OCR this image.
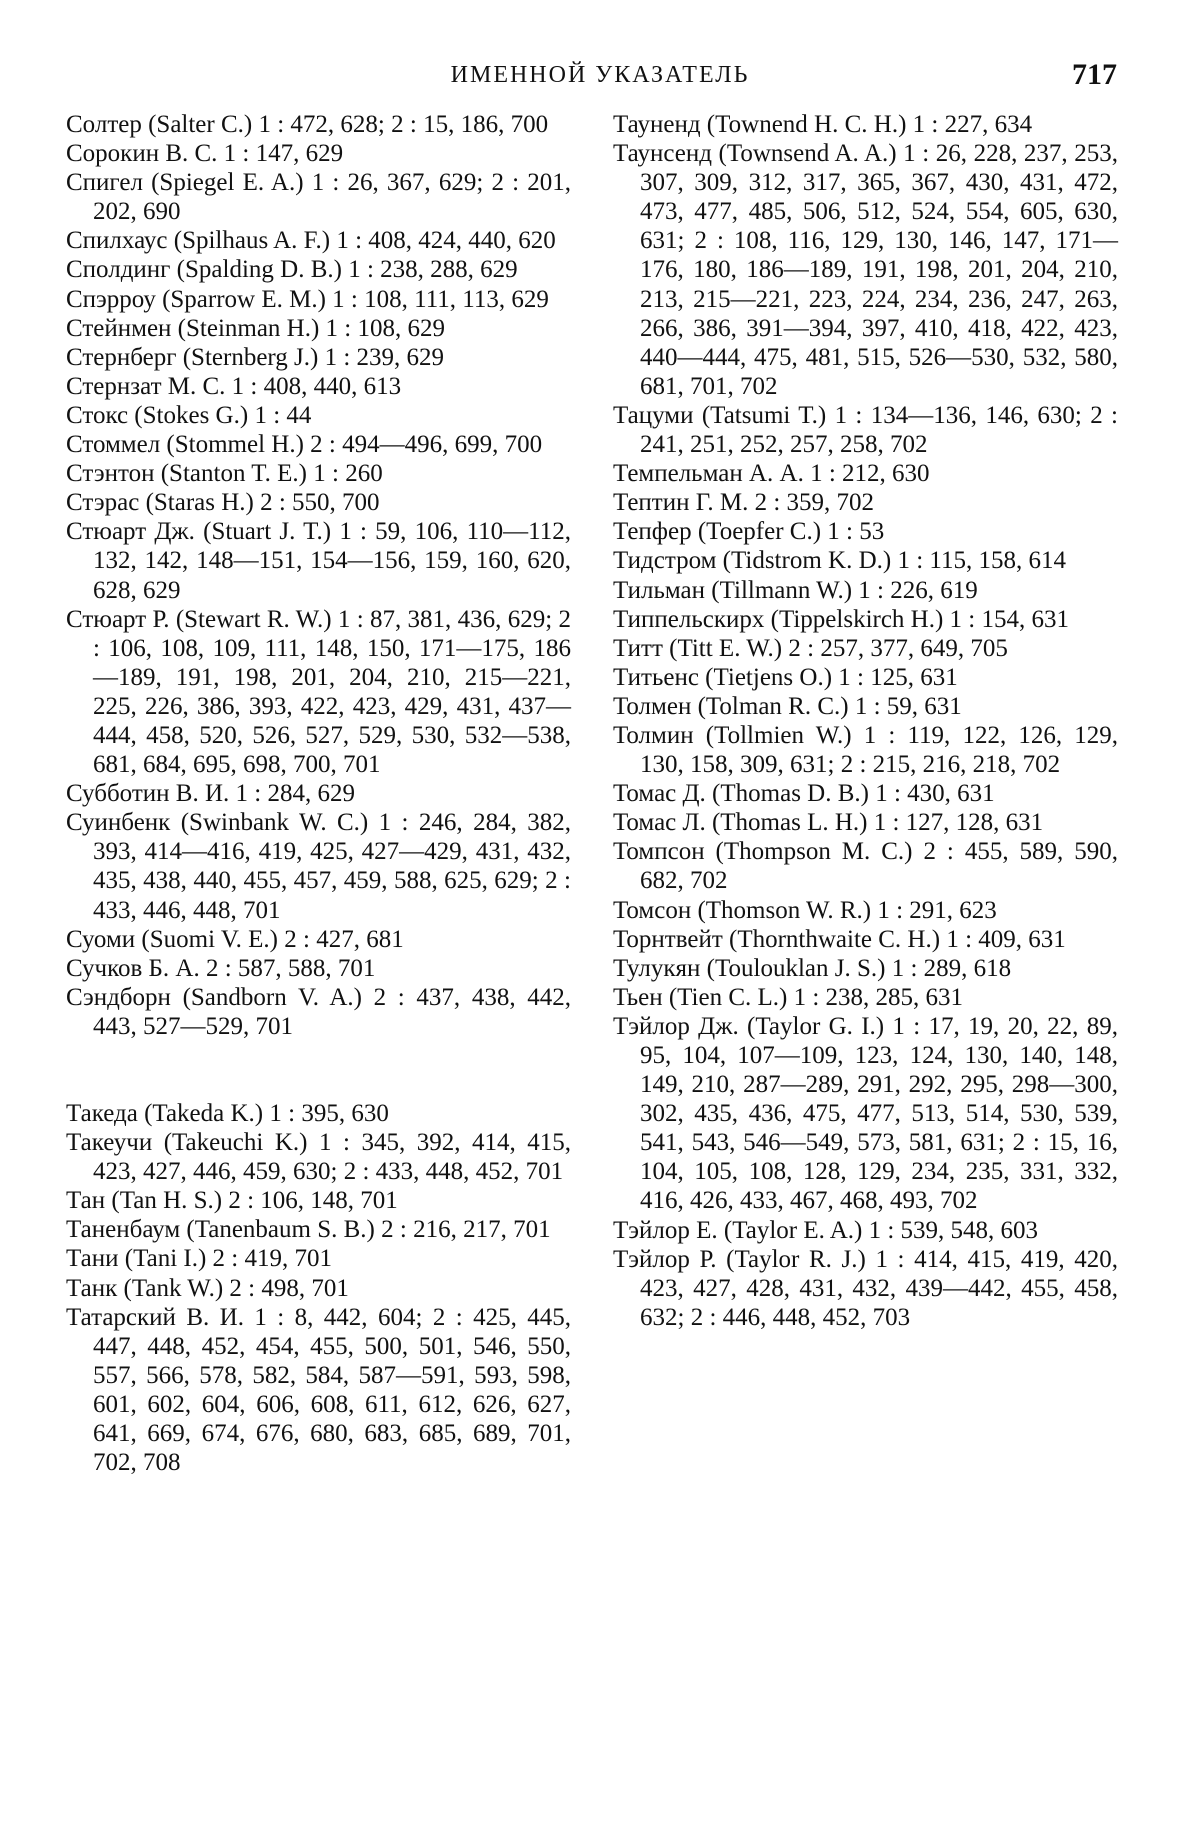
ИМЕННОЙ УКАЗАТЕЛЬ	717

Солтер (Salter C.) 1 : 472, 628; 2 : 15, 186, 700

Сорокин В. С. 1 : 147, 629

Спигел (Spiegel E. A.) 1 : 26, 367, 629; 2 : 201, 202, 690

Спилхаус (Spilhaus A. F.) 1 : 408, 424, 440, 620

Сполдинг (Spalding D. B.) 1 : 238, 288, 629

Спэрроу (Sparrow E. M.) 1 : 108, 111, 113, 629

Стейнмен (Steinman H.) 1 : 108, 629

Стернберг (Sternberg J.) 1 : 239, 629

Стернзат М. С. 1 : 408, 440, 613

Стокс (Stokes G.) 1 : 44

Стоммел (Stommel H.) 2 : 494—496, 699, 700

Стэнтон (Stanton T. E.) 1 : 260

Стэрас (Staras H.) 2 : 550, 700

Стюарт Дж. (Stuart J. T.) 1 : 59, 106, 110—112, 132, 142, 148—151, 154—156, 159, 160, 620, 628, 629

Стюарт Р. (Stewart R. W.) 1 : 87, 381, 436, 629; 2 : 106, 108, 109, 111, 148, 150, 171—175, 186—189, 191, 198, 201, 204, 210, 215—221, 225, 226, 386, 393, 422, 423, 429, 431, 437—444, 458, 520, 526, 527, 529, 530, 532—538, 681, 684, 695, 698, 700, 701

Субботин В. И. 1 : 284, 629

Суинбенк (Swinbank W. C.) 1 : 246, 284, 382, 393, 414—416, 419, 425, 427—429, 431, 432, 435, 438, 440, 455, 457, 459, 588, 625, 629; 2 : 433, 446, 448, 701

Суоми (Suomi V. E.) 2 : 427, 681

Сучков Б. А. 2 : 587, 588, 701

Сэндборн (Sandborn V. A.) 2 : 437, 438, 442, 443, 527—529, 701

Такеда (Takeda K.) 1 : 395, 630

Такеучи (Takeuchi K.) 1 : 345, 392, 414, 415, 423, 427, 446, 459, 630; 2 : 433, 448, 452, 701

Тан (Tan H. S.) 2 : 106, 148, 701

Таненбаум (Tanenbaum S. B.) 2 : 216, 217, 701

Тани (Tani I.) 2 : 419, 701

Танк (Tank W.) 2 : 498, 701

Татарский В. И. 1 : 8, 442, 604; 2 : 425, 445, 447, 448, 452, 454, 455, 500, 501, 546, 550, 557, 566, 578, 582, 584, 587—591, 593, 598, 601, 602, 604, 606, 608, 611, 612, 626, 627, 641, 669, 674, 676, 680, 683, 685, 689, 701, 702, 708

Тауненд (Townend H. C. H.) 1 : 227, 634

Таунсенд (Townsend A. A.) 1 : 26, 228, 237, 253, 307, 309, 312, 317, 365, 367, 430, 431, 472, 473, 477, 485, 506, 512, 524, 554, 605, 630, 631; 2 : 108, 116, 129, 130, 146, 147, 171—176, 180, 186—189, 191, 198, 201, 204, 210, 213, 215—221, 223, 224, 234, 236, 247, 263, 266, 386, 391—394, 397, 410, 418, 422, 423, 440—444, 475, 481, 515, 526—530, 532, 580, 681, 701, 702

Тацуми (Tatsumi T.) 1 : 134—136, 146, 630; 2 : 241, 251, 252, 257, 258, 702

Темпельман А. А. 1 : 212, 630

Тептин Г. М. 2 : 359, 702

Тепфер (Toepfer C.) 1 : 53

Тидстром (Tidstrom K. D.) 1 : 115, 158, 614

Тильман (Tillmann W.) 1 : 226, 619

Типпельскирх (Tippelskirch H.) 1 : 154, 631

Титт (Titt E. W.) 2 : 257, 377, 649, 705

Титьенс (Tietjens O.) 1 : 125, 631

Толмен (Tolman R. C.) 1 : 59, 631

Толмин (Tollmien W.) 1 : 119, 122, 126, 129, 130, 158, 309, 631; 2 : 215, 216, 218, 702

Томас Д. (Thomas D. B.) 1 : 430, 631

Томас Л. (Thomas L. H.) 1 : 127, 128, 631

Томпсон (Thompson M. C.) 2 : 455, 589, 590, 682, 702

Томсон (Thomson W. R.) 1 : 291, 623

Торнтвейт (Thornthwaite C. H.) 1 : 409, 631

Тулукян (Toulouklan J. S.) 1 : 289, 618

Тьен (Tien C. L.) 1 : 238, 285, 631

Тэйлор Дж. (Taylor G. I.) 1 : 17, 19, 20, 22, 89, 95, 104, 107—109, 123, 124, 130, 140, 148, 149, 210, 287—289, 291, 292, 295, 298—300, 302, 435, 436, 475, 477, 513, 514, 530, 539, 541, 543, 546—549, 573, 581, 631; 2 : 15, 16, 104, 105, 108, 128, 129, 234, 235, 331, 332, 416, 426, 433, 467, 468, 493, 702

Тэйлор Е. (Taylor E. A.) 1 : 539, 548, 603

Тэйлор Р. (Taylor R. J.) 1 : 414, 415, 419, 420, 423, 427, 428, 431, 432, 439—442, 455, 458, 632; 2 : 446, 448, 452, 703
